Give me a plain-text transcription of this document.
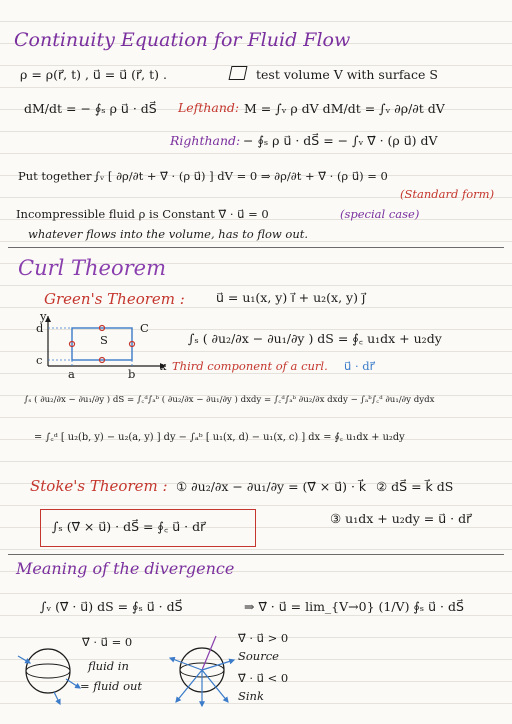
Continuity Equation for Fluid Flow
ρ = ρ(r⃗, t) , u⃗ = u⃗ (r⃗, t) .	test volume V with surface S
dM/dt = − ∮ₛ ρ u⃗ · dS⃗ Lefthand: M = ∫ᵥ ρ dV dM/dt = ∫ᵥ ∂ρ/∂t dV
Righthand: − ∮ₛ ρ u⃗ · dS⃗ = − ∫ᵥ ∇⃗ · (ρ u⃗) dV
Put together :
∫ᵥ [ ∂ρ/∂t + ∇⃗ · (ρ u⃗) ] dV = 0 ⇒ ∂ρ/∂t + ∇⃗ · (ρ u⃗) = 0
(Standard form)
Incompressible fluid ρ is Constant ∇⃗ · u⃗ = 0	(special case)
whatever flows into the volume, has to flow out.
Curl Theorem
Green's Theorem : u⃗ = u₁(x, y) i⃗ + u₂(x, y) j⃗
y
x
d
c
a	b
S
C
∫ₛ ( ∂u₂/∂x − ∂u₁/∂y ) dS = ∮꜀ u₁dx + u₂dy
Third component of a curl. u⃗ · dr⃗
∫ₛ ( ∂u₂/∂x − ∂u₁/∂y ) dS = ∫꜀ᵈ∫ₐᵇ ( ∂u₂/∂x − ∂u₁/∂y ) dxdy = ∫꜀ᵈ∫ₐᵇ ∂u₂/∂x dxdy − ∫ₐᵇ∫꜀ᵈ ∂u₁/∂y dydx
= ∫꜀ᵈ [ u₂(b, y) − u₂(a, y) ] dy − ∫ₐᵇ [ u₁(x, d) − u₁(x, c) ] dx = ∮꜀ u₁dx + u₂dy
Stoke's Theorem : ① ∂u₂/∂x − ∂u₁/∂y = (∇⃗ × u⃗) · k⃗ ② dS⃗ = k⃗ dS
∫ₛ (∇⃗ × u⃗) · dS⃗ = ∮꜀ u⃗ · dr⃗
③ u₁dx + u₂dy = u⃗ · dr⃗
Meaning of the divergence
∫ᵥ (∇⃗ · u⃗) dS = ∮ₛ u⃗ · dS⃗	⇒ ∇⃗ · u⃗ = lim_{V→0} (1/V) ∮ₛ u⃗ · dS⃗
∇⃗ · u⃗ = 0
fluid in
= fluid out
∇⃗ · u⃗ > 0
Source
∇⃗ · u⃗ < 0
Sink
